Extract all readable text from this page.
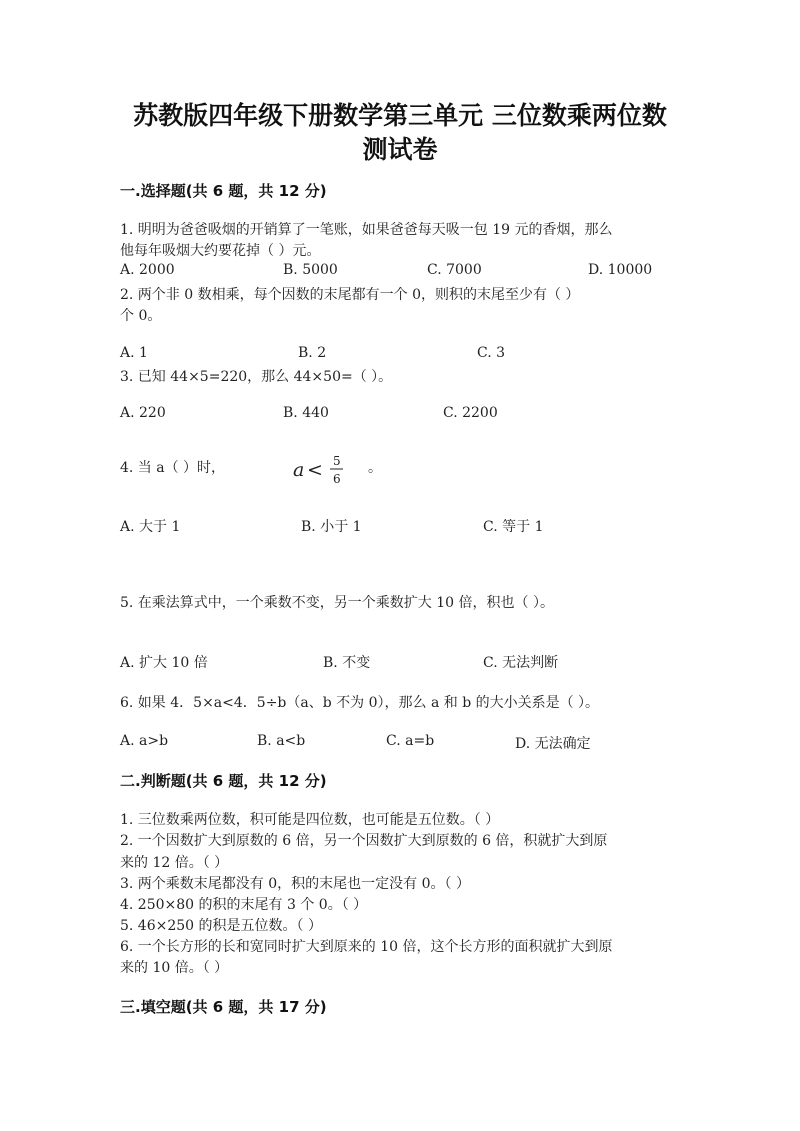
苏教版四年级下册数学第三单元 三位数乘两位数
测试卷
一.选择题(共 6 题，共 12 分)
1. 明明为爸爸吸烟的开销算了一笔账，如果爸爸每天吸一包 19 元的香烟，那么
他每年吸烟大约要花掉（ ）元。
A. 2000	B. 5000	C. 7000	D. 10000
2. 两个非 0 数相乘，每个因数的末尾都有一个 0，则积的末尾至少有（ ）
个 0。
A. 1	B. 2	C. 3
3. 已知 44×5=220，那么 44×50=（ ）。
A. 220	B. 440	C. 2200
4. 当 a（ ）时，	a < 5
6
。
A. 大于 1	B. 小于 1	C. 等于 1
5. 在乘法算式中，一个乘数不变，另一个乘数扩大 10 倍，积也（ ）。
A. 扩大 10 倍	B. 不变	C. 无法判断
6. 如果 4．5×a<4．5÷b（a、b 不为 0），那么 a 和 b 的大小关系是（ ）。
A. a>b	B. a<b	C. a=b	D. 无法确定
二.判断题(共 6 题，共 12 分)
1. 三位数乘两位数，积可能是四位数，也可能是五位数。（ ）
2. 一个因数扩大到原数的 6 倍，另一个因数扩大到原数的 6 倍，积就扩大到原
来的 12 倍。（ ）
3. 两个乘数末尾都没有 0，积的末尾也一定没有 0。（ ）
4. 250×80 的积的末尾有 3 个 0。（ ）
5. 46×250 的积是五位数。（ ）
6. 一个长方形的长和宽同时扩大到原来的 10 倍，这个长方形的面积就扩大到原
来的 10 倍。（ ）
三.填空题(共 6 题，共 17 分)
